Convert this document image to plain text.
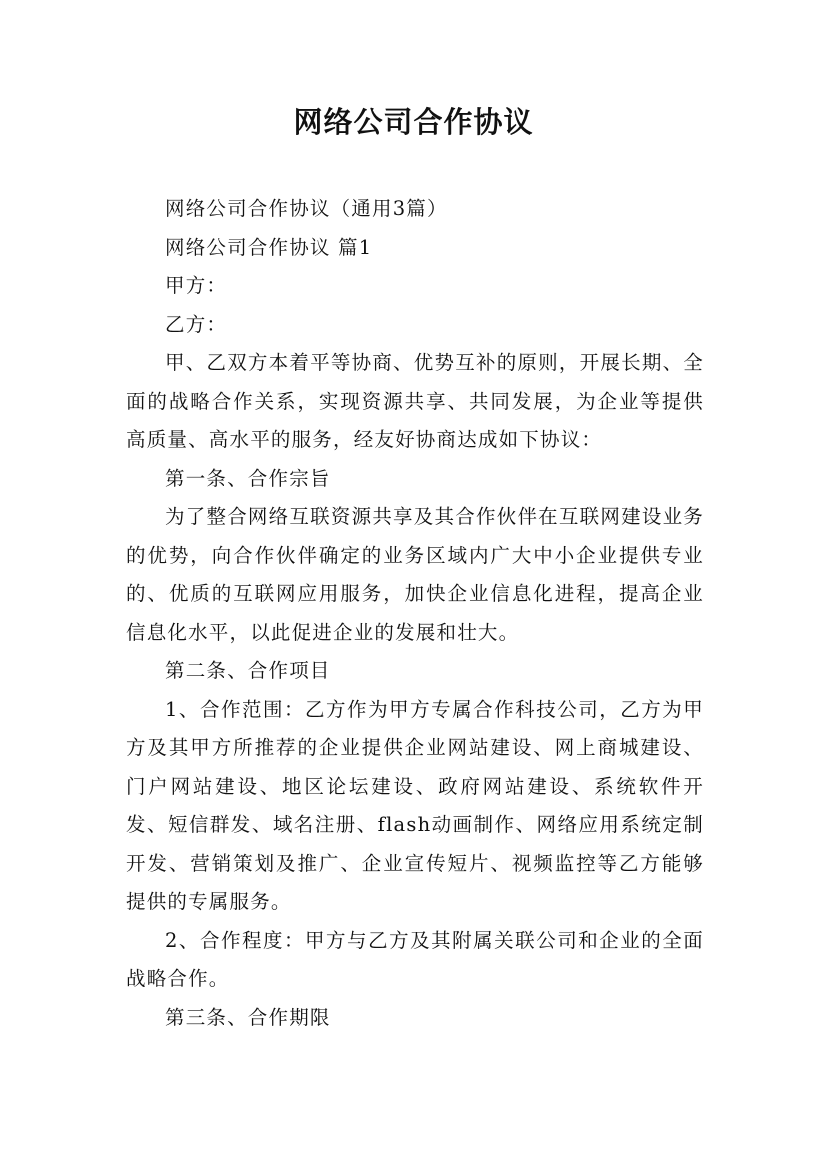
网络公司合作协议

网络公司合作协议（通用3篇）

网络公司合作协议 篇1

甲方：

乙方：

甲、乙双方本着平等协商、优势互补的原则，开展长期、全面的战略合作关系，实现资源共享、共同发展，为企业等提供高质量、高水平的服务，经友好协商达成如下协议：

第一条、合作宗旨

为了整合网络互联资源共享及其合作伙伴在互联网建设业务的优势，向合作伙伴确定的业务区域内广大中小企业提供专业的、优质的互联网应用服务，加快企业信息化进程，提高企业信息化水平，以此促进企业的发展和壮大。

第二条、合作项目

1、合作范围：乙方作为甲方专属合作科技公司，乙方为甲方及其甲方所推荐的企业提供企业网站建设、网上商城建设、门户网站建设、地区论坛建设、政府网站建设、系统软件开发、短信群发、域名注册、flash动画制作、网络应用系统定制开发、营销策划及推广、企业宣传短片、视频监控等乙方能够提供的专属服务。

2、合作程度：甲方与乙方及其附属关联公司和企业的全面战略合作。

第三条、合作期限
